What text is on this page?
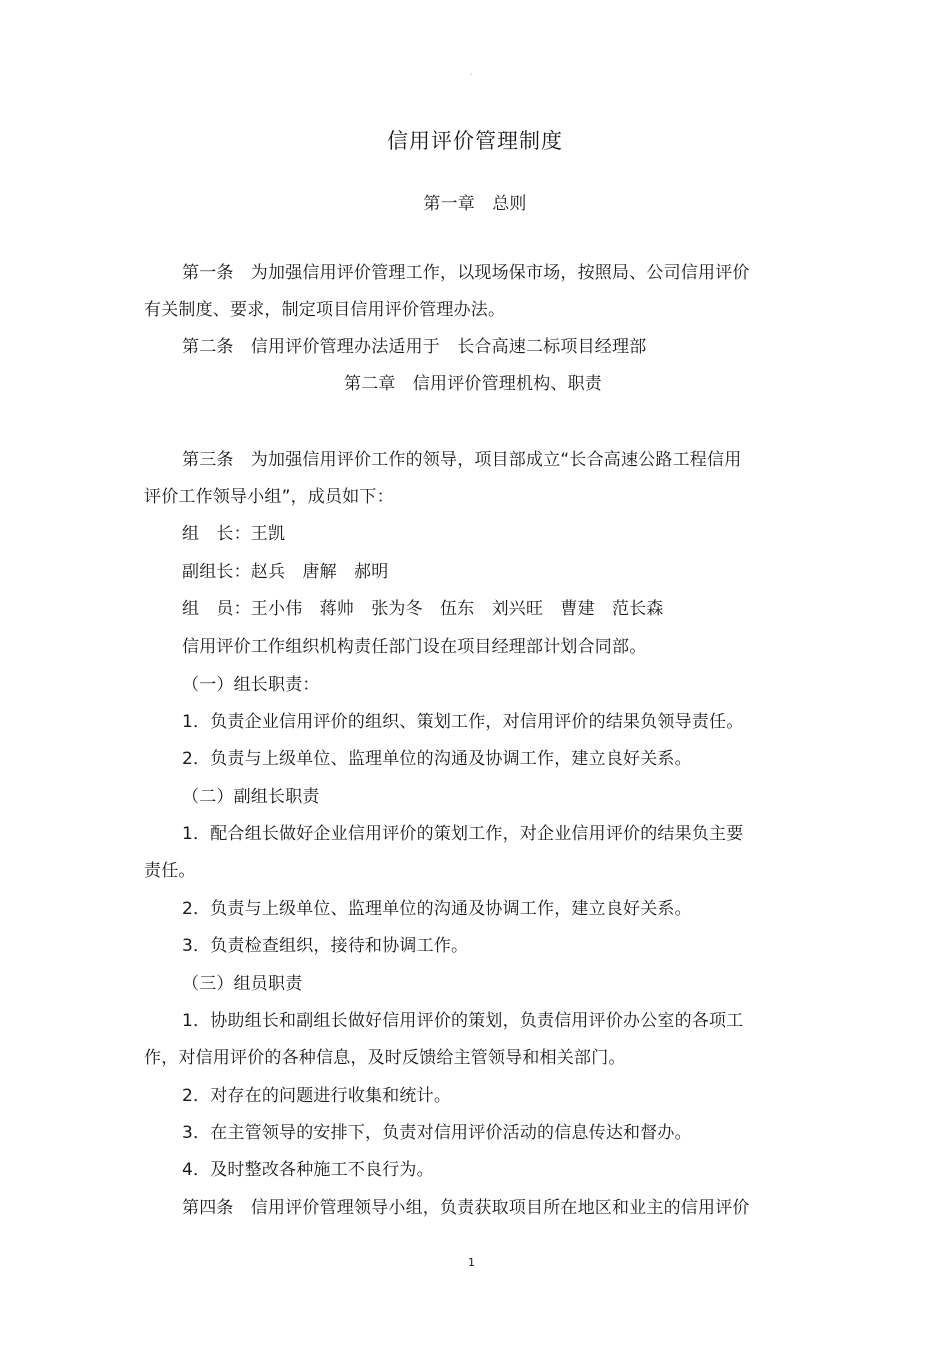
·
信用评价管理制度
第一章　总则
第一条　为加强信用评价管理工作，以现场保市场，按照局、公司信用评价
有关制度、要求，制定项目信用评价管理办法。
第二条　信用评价管理办法适用于　长合高速二标项目经理部
第二章　信用评价管理机构、职责
第三条　为加强信用评价工作的领导，项目部成立“长合高速公路工程信用
评价工作领导小组”，成员如下：
组　长：王凯
副组长：赵兵　唐解　郝明
组　员：王小伟　蒋帅　张为冬　伍东　刘兴旺　曹建　范长森
信用评价工作组织机构责任部门设在项目经理部计划合同部。
（一）组长职责：
1．负责企业信用评价的组织、策划工作，对信用评价的结果负领导责任。
2．负责与上级单位、监理单位的沟通及协调工作，建立良好关系。
（二）副组长职责
1．配合组长做好企业信用评价的策划工作，对企业信用评价的结果负主要
责任。
2．负责与上级单位、监理单位的沟通及协调工作，建立良好关系。
3．负责检查组织，接待和协调工作。
（三）组员职责
1．协助组长和副组长做好信用评价的策划，负责信用评价办公室的各项工
作，对信用评价的各种信息，及时反馈给主管领导和相关部门。
2．对存在的问题进行收集和统计。
3．在主管领导的安排下，负责对信用评价活动的信息传达和督办。
4．及时整改各种施工不良行为。
第四条　信用评价管理领导小组，负责获取项目所在地区和业主的信用评价
1
